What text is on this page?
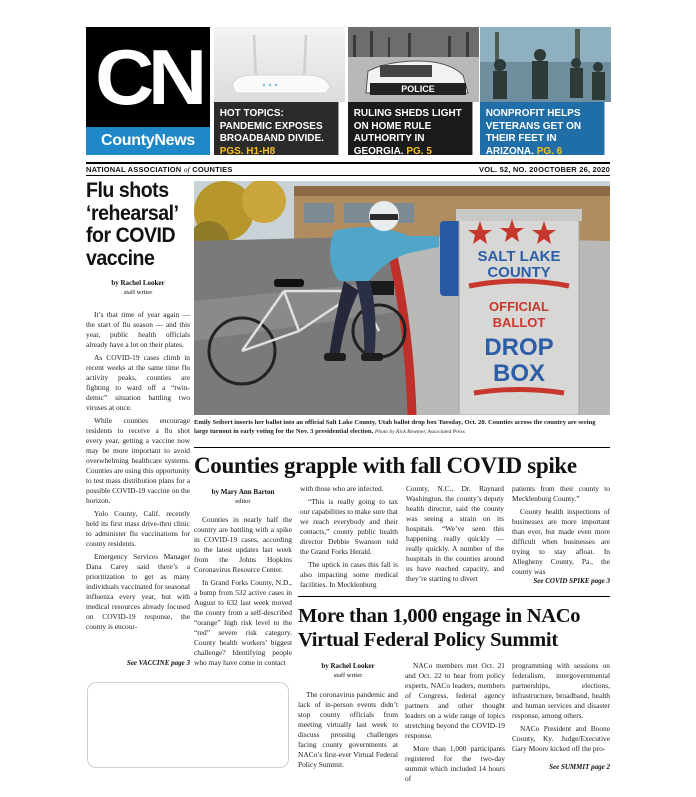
CN
CountyNews
HOT TOPICS: PANDEMIC EXPOSES BROADBAND DIVIDE. PGS. H1-H8
POLICE
RULING SHEDS LIGHT ON HOME RULE AUTHORITY IN GEORGIA. PG. 5
NONPROFIT HELPS VETERANS GET ON THEIR FEET IN ARIZONA. PG. 6
NATIONAL ASSOCIATION of COUNTIES	VOL. 52, NO. 20 OCTOBER 26, 2020
Flu shots ‘rehearsal’ for COVID vaccine
by Rachel Looker
staff writer

It’s that time of year again — the start of flu season — and this year, public health officials already have a lot on their plates.

As COVID-19 cases climb in recent weeks at the same time flu activity peaks, counties are fighting to ward off a “twin-demic” situation battling two viruses at once.

While counties encourage residents to receive a flu shot every year, getting a vaccine now may be more important to avoid overwhelming healthcare systems. Counties are using this opportunity to test mass distribution plans for a possible COVID-19 vaccine on the horizon.

Yolo County, Calif. recently held its first mass drive-thru clinic to administer flu vaccinations for county residents.

Emergency Services Manager Dana Carey said there’s a prioritization to get as many individuals vaccinated for seasonal influenza every year, but with medical resources already focused on COVID-19 response, the county is encour-

See VACCINE page 3
SALT LAKE
COUNTY
OFFICIAL
BALLOT
DROP
BOX
Emily Seibert inserts her ballot into an official Salt Lake County, Utah ballot drop box Tuesday, Oct. 20. Counties across the country are seeing large turnout in early voting for the Nov. 3 presidential election. Photo by Rick Bowmer, Associated Press
Counties grapple with fall COVID spike
by Mary Ann Barton
editor

Counties in nearly half the country are battling with a spike in COVID-19 cases, according to the latest updates last week from the Johns Hopkins Coronavirus Resource Center.

In Grand Forks County, N.D., a bump from 532 active cases in August to 632 last week moved the county from a self-described “orange” high risk level to the “red” severe risk category. County health workers’ biggest challenge? Identifying people who may have come in contact

with those who are infected.

“This is really going to tax our capabilities to make sure that we reach everybody and their contacts,” county public health director Debbie Swanson told the Grand Forks Herald.

The uptick in cases this fall is also impacting some medical facilities. In Mecklenburg

County, N.C., Dr. Raynard Washington, the county’s deputy health director, said the county was seeing a strain on its hospitals. “We’ve seen this happening really quickly — really quickly. A number of the hospitals in the counties around us have reached capacity, and they’re starting to divert

patients from their county to Mecklenburg County.”

County health inspections of businesses are more important than ever, but made even more difficult when businesses are trying to stay afloat. In Allegheny County, Pa., the county was

See COVID SPIKE page 3
More than 1,000 engage in NACo Virtual Federal Policy Summit
by Rachel Looker
staff writer

The coronavirus pandemic and lack of in-person events didn’t stop county officials from meeting virtually last week to discuss pressing challenges facing county governments at NACo’s first-ever Virtual Federal Policy Summit.

NACo members met Oct. 21 and Oct. 22 to hear from policy experts, NACo leaders, members of Congress, federal agency partners and other thought leaders on a wide range of topics stretching beyond the COVID-19 response.

More than 1,000 participants registered for the two-day summit which included 14 hours of

programming with sessions on federalism, intergovernmental partnerships, elections, infrastructure, broadband, health and human services and disaster response, among others.

NACo President and Boone County, Ky. Judge/Executive Gary Moore kicked off the pro-

See SUMMIT page 2
